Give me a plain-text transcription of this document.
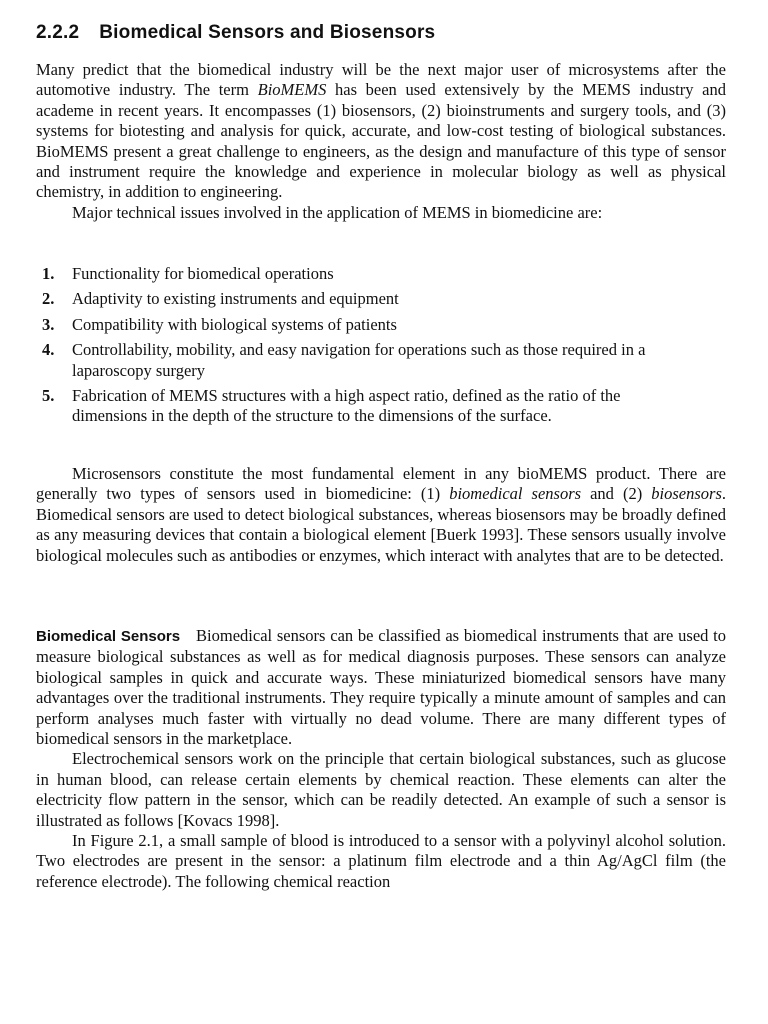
2.2.2 Biomedical Sensors and Biosensors

Many predict that the biomedical industry will be the next major user of microsystems after the automotive industry. The term BioMEMS has been used extensively by the MEMS industry and academe in recent years. It encompasses (1) biosensors, (2) bioinstruments and surgery tools, and (3) systems for biotesting and analysis for quick, accurate, and low-cost testing of biological substances. BioMEMS present a great challenge to engineers, as the design and manufacture of this type of sensor and instrument require the knowledge and experience in molecular biology as well as physical chemistry, in addition to engineering.

Major technical issues involved in the application of MEMS in biomedicine are:

1. Functionality for biomedical operations
2. Adaptivity to existing instruments and equipment
3. Compatibility with biological systems of patients
4. Controllability, mobility, and easy navigation for operations such as those required in a laparoscopy surgery
5. Fabrication of MEMS structures with a high aspect ratio, defined as the ratio of the dimensions in the depth of the structure to the dimensions of the surface.
Microsensors constitute the most fundamental element in any bioMEMS product. There are generally two types of sensors used in biomedicine: (1) biomedical sensors and (2) biosensors. Biomedical sensors are used to detect biological substances, whereas biosensors may be broadly defined as any measuring devices that contain a biological element [Buerk 1993]. These sensors usually involve biological molecules such as antibodies or enzymes, which interact with analytes that are to be detected.

Biomedical Sensors Biomedical sensors can be classified as biomedical instruments that are used to measure biological substances as well as for medical diagnosis purposes. These sensors can analyze biological samples in quick and accurate ways. These miniaturized biomedical sensors have many advantages over the traditional instruments. They require typically a minute amount of samples and can perform analyses much faster with virtually no dead volume. There are many different types of biomedical sensors in the marketplace.

Electrochemical sensors work on the principle that certain biological substances, such as glucose in human blood, can release certain elements by chemical reaction. These elements can alter the electricity flow pattern in the sensor, which can be readily detected. An example of such a sensor is illustrated as follows [Kovacs 1998].

In Figure 2.1, a small sample of blood is introduced to a sensor with a polyvinyl alcohol solution. Two electrodes are present in the sensor: a platinum film electrode and a thin Ag/AgCl film (the reference electrode). The following chemical reaction
